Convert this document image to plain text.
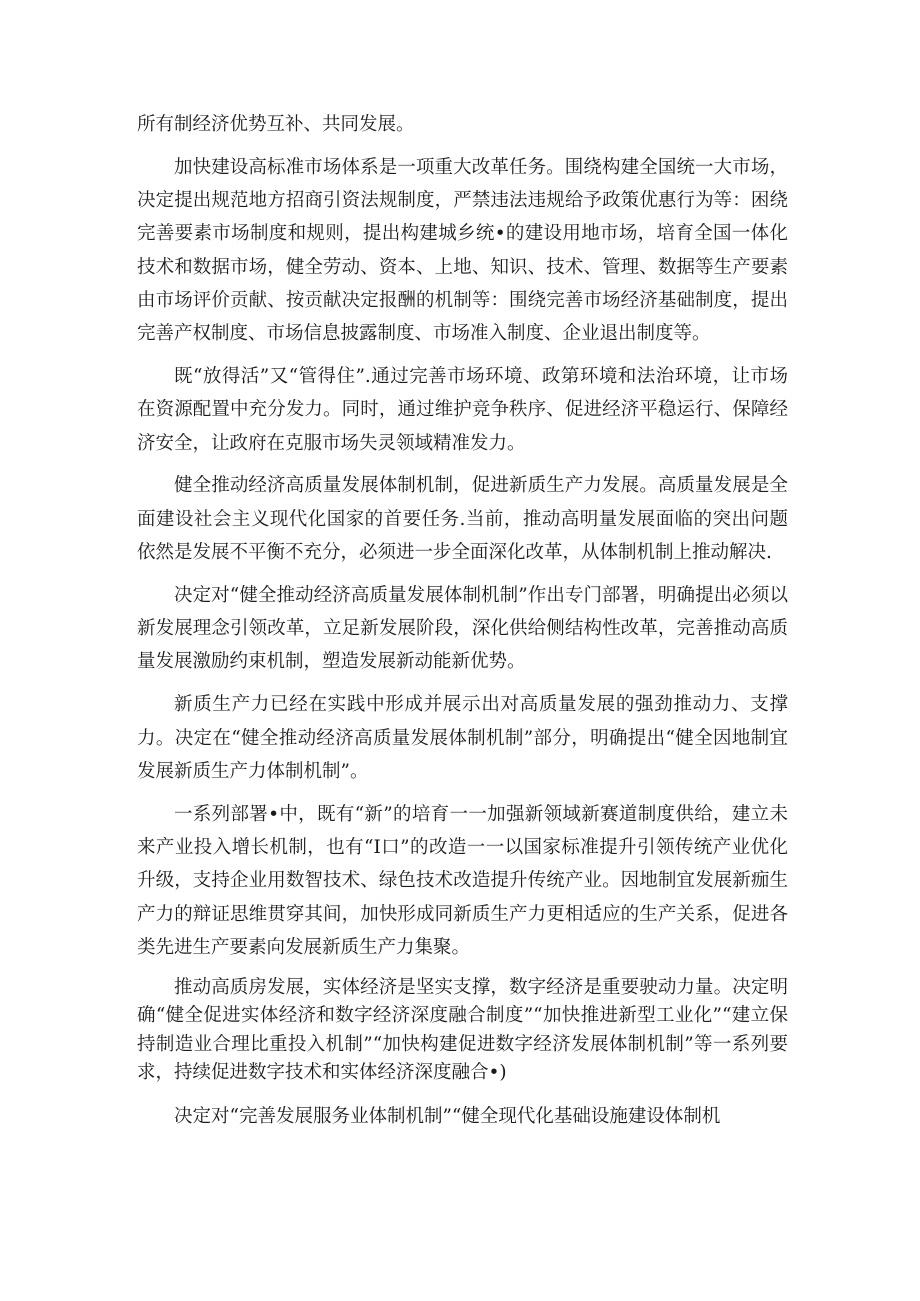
所有制经济优势互补、共同发展。

加快建设高标准市场体系是一项重大改革任务。围绕构建全国统一大市场，决定提出规范地方招商引资法规制度，严禁违法违规给予政策优惠行为等：困绕完善要素市场制度和规则，提出构建城乡统•的建设用地市场，培育全国一体化技术和数据市场，健全劳动、资本、上地、知识、技术、管理、数据等生产要素由市场评价贡献、按贡献决定报酬的机制等：围绕完善市场经济基础制度，提出完善产权制度、市场信息披露制度、市场准入制度、企业退出制度等。

既“放得活”又“管得住”.通过完善市场环境、政第环境和法治环境，让市场在资源配置中充分发力。同时，通过维护竞争秩序、促进经济平稳运行、保障经济安全，让政府在克服市场失灵领域精准发力。

健全推动经济高质量发展体制机制，促进新质生产力发展。高质量发展是全面建设社会主义现代化国家的首要任务.当前，推动高明量发展面临的突出问题依然是发展不平衡不充分，必须进一步全面深化改革，从体制机制上推动解决.

决定对“健全推动经济高质量发展体制机制”作出专门部署，明确提出必须以新发展理念引领改革，立足新发展阶段，深化供给侧结构性改革，完善推动高质量发展激励约束机制，塑造发展新动能新优势。

新质生产力已经在实践中形成并展示出对高质量发展的强劲推动力、支撑力。决定在“健全推动经济高质量发展体制机制”部分，明确提出“健全因地制宜发展新质生产力体制机制”。

一系列部署•中，既有“新”的培育一一加强新领域新赛道制度供给，建立未来产业投入增长机制，也有“I口”的改造一一以国家标准提升引领传统产业优化升级，支持企业用数智技术、绿色技术改造提升传统产业。因地制宜发展新痂生产力的辩证思维贯穿其间，加快形成同新质生产力更相适应的生产关系，促进各类先进生产要素向发展新质生产力集聚。

推动高质房发展，实体经济是坚实支撑，数字经济是重要驶动力量。决定明确“健全促进实体经济和数字经济深度融合制度”“加快推进新型工业化”“建立保持制造业合理比重投入机制”“加快构建促进数字经济发展体制机制”等一系列要求，持续促进数字技术和实体经济深度融合•)

决定对“完善发展服务业体制机制”“健全现代化基础设施建设体制机
